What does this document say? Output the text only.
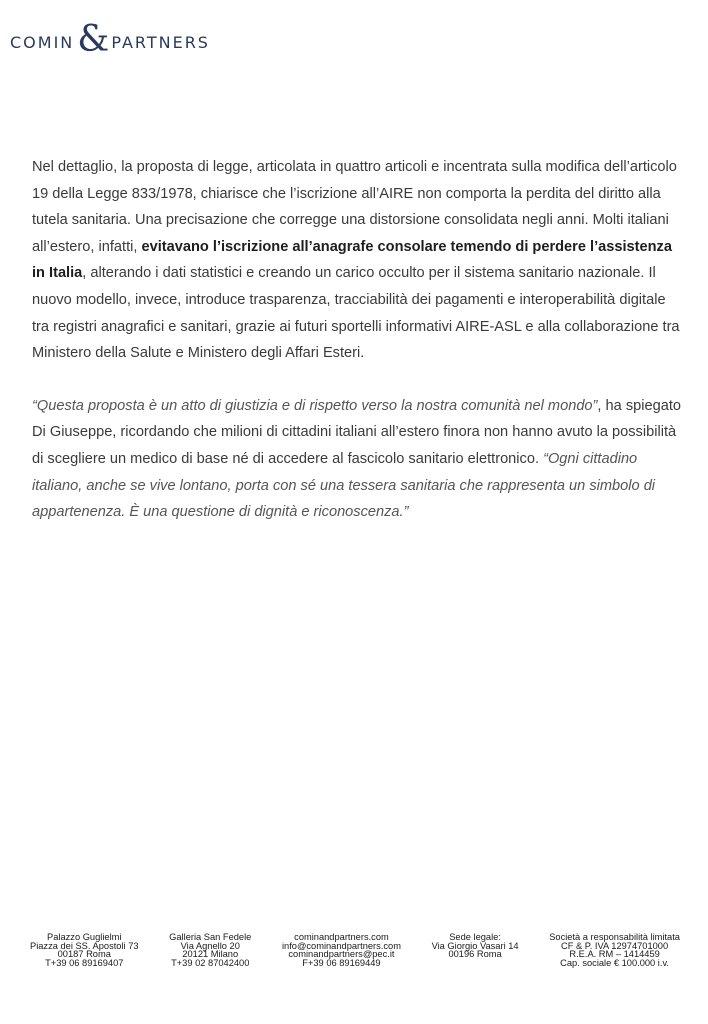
COMIN & PARTNERS

Nel dettaglio, la proposta di legge, articolata in quattro articoli e incentrata sulla modifica dell’articolo 19 della Legge 833/1978, chiarisce che l’iscrizione all’AIRE non comporta la perdita del diritto alla tutela sanitaria. Una precisazione che corregge una distorsione consolidata negli anni. Molti italiani all’estero, infatti, evitavano l’iscrizione all’anagrafe consolare temendo di perdere l’assistenza in Italia, alterando i dati statistici e creando un carico occulto per il sistema sanitario nazionale. Il nuovo modello, invece, introduce trasparenza, tracciabilità dei pagamenti e interoperabilità digitale tra registri anagrafici e sanitari, grazie ai futuri sportelli informativi AIRE-ASL e alla collaborazione tra Ministero della Salute e Ministero degli Affari Esteri.

“Questa proposta è un atto di giustizia e di rispetto verso la nostra comunità nel mondo”, ha spiegato Di Giuseppe, ricordando che milioni di cittadini italiani all’estero finora non hanno avuto la possibilità di scegliere un medico di base né di accedere al fascicolo sanitario elettronico. “Ogni cittadino italiano, anche se vive lontano, porta con sé una tessera sanitaria che rappresenta un simbolo di appartenenza. È una questione di dignità e riconoscenza.”

Palazzo Guglielmi
Piazza dei SS. Apostoli 73
00187 Roma
T+39 06 89169407
Galleria San Fedele
Via Agnello 20
20121 Milano
T+39 02 87042400
cominandpartners.com
info@cominandpartners.com
cominandpartners@pec.it
F+39 06 89169449
Sede legale:
Via Giorgio Vasari 14
00196 Roma
Società a responsabilità limitata
CF & P. IVA 12974701000
R.E.A. RM – 1414459
Cap. sociale € 100.000 i.v.
